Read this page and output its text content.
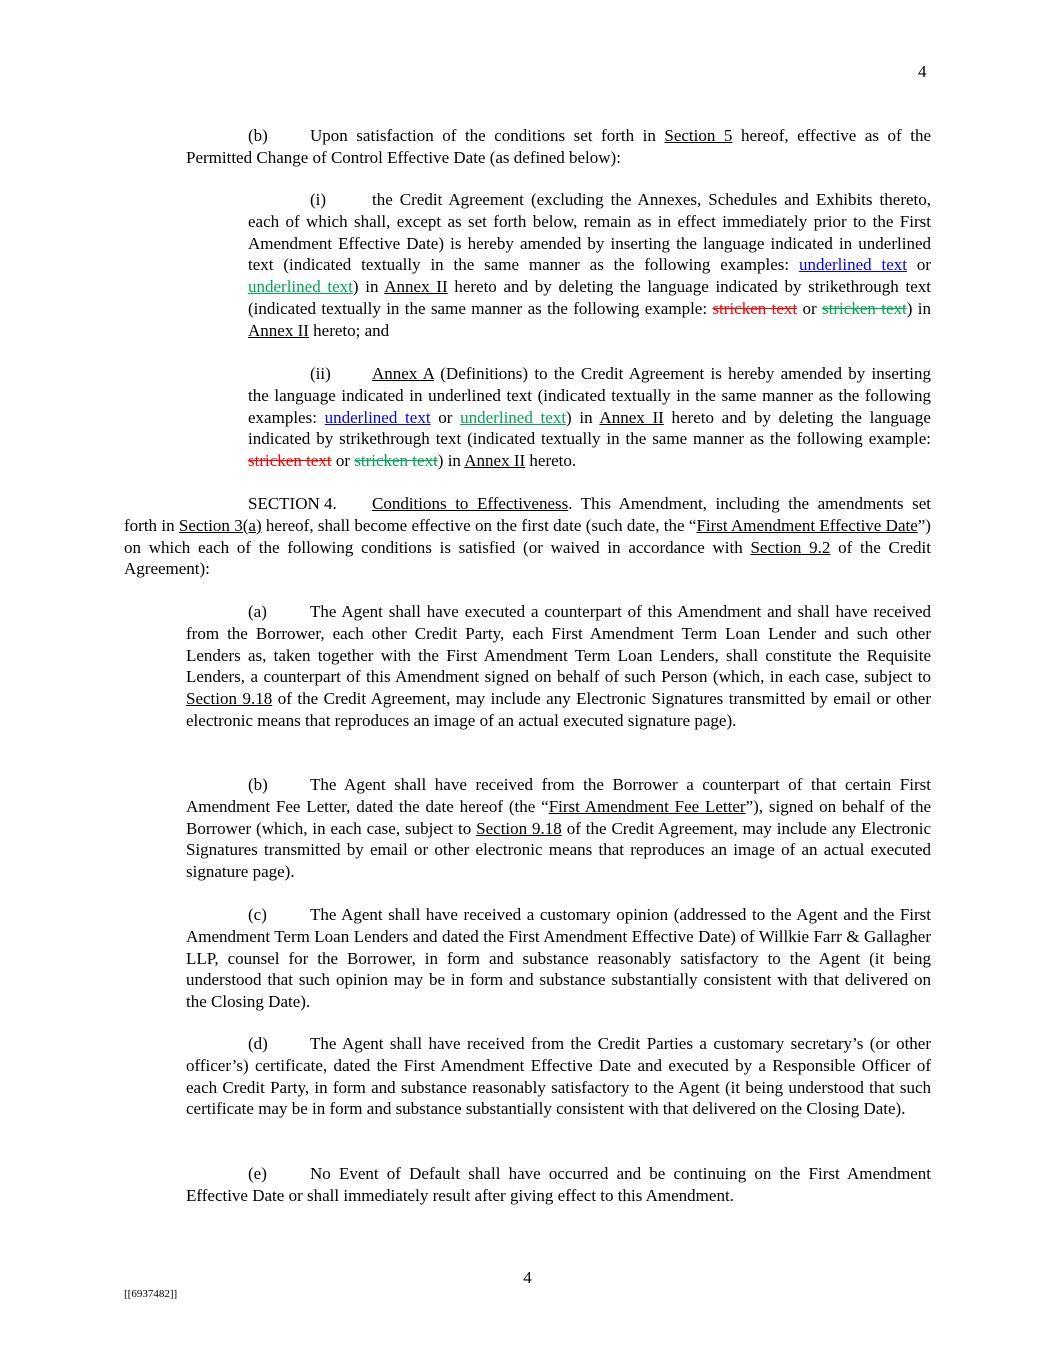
4

(b) Upon satisfaction of the conditions set forth in Section 5 hereof, effective as of the Permitted Change of Control Effective Date (as defined below):

(i)	the Credit Agreement (excluding the Annexes, Schedules and Exhibits thereto, each of which shall, except as set forth below, remain as in effect immediately prior to the First Amendment Effective Date) is hereby amended by inserting the language indicated in underlined text (indicated textually in the same manner as the following examples: underlined text or underlined text) in Annex II hereto and by deleting the language indicated by strikethrough text (indicated textually in the same manner as the following example: stricken text or stricken text) in Annex II hereto; and

(ii) Annex A (Definitions) to the Credit Agreement is hereby amended by inserting the language indicated in underlined text (indicated textually in the same manner as the following examples: underlined text or underlined text) in Annex II hereto and by deleting the language indicated by strikethrough text (indicated textually in the same manner as the following example: stricken text or stricken text) in Annex II hereto.

SECTION 4. Conditions to Effectiveness. This Amendment, including the amendments set forth in Section 3(a) hereof, shall become effective on the first date (such date, the “First Amendment Effective Date”) on which each of the following conditions is satisfied (or waived in accordance with Section 9.2 of the Credit Agreement):

(a)	The Agent shall have executed a counterpart of this Amendment and shall have received from the Borrower, each other Credit Party, each First Amendment Term Loan Lender and such other Lenders as, taken together with the First Amendment Term Loan Lenders, shall constitute the Requisite Lenders, a counterpart of this Amendment signed on behalf of such Person (which, in each case, subject to Section 9.18 of the Credit Agreement, may include any Electronic Signatures transmitted by email or other electronic means that reproduces an image of an actual executed signature page).

(b) The Agent shall have received from the Borrower a counterpart of that certain First Amendment Fee Letter, dated the date hereof (the “First Amendment Fee Letter”), signed on behalf of the Borrower (which, in each case, subject to Section 9.18 of the Credit Agreement, may include any Electronic Signatures transmitted by email or other electronic means that reproduces an image of an actual executed signature page).

(c)	The Agent shall have received a customary opinion (addressed to the Agent and the First Amendment Term Loan Lenders and dated the First Amendment Effective Date) of Willkie Farr & Gallagher LLP, counsel for the Borrower, in form and substance reasonably satisfactory to the Agent (it being understood that such opinion may be in form and substance substantially consistent with that delivered on the Closing Date).

(d) The Agent shall have received from the Credit Parties a customary secretary’s (or other officer’s) certificate, dated the First Amendment Effective Date and executed by a Responsible Officer of each Credit Party, in form and substance reasonably satisfactory to the Agent (it being understood that such certificate may be in form and substance substantially consistent with that delivered on the Closing Date).

(e)	No Event of Default shall have occurred and be continuing on the First Amendment Effective Date or shall immediately result after giving effect to this Amendment.

4
[[6937482]]
